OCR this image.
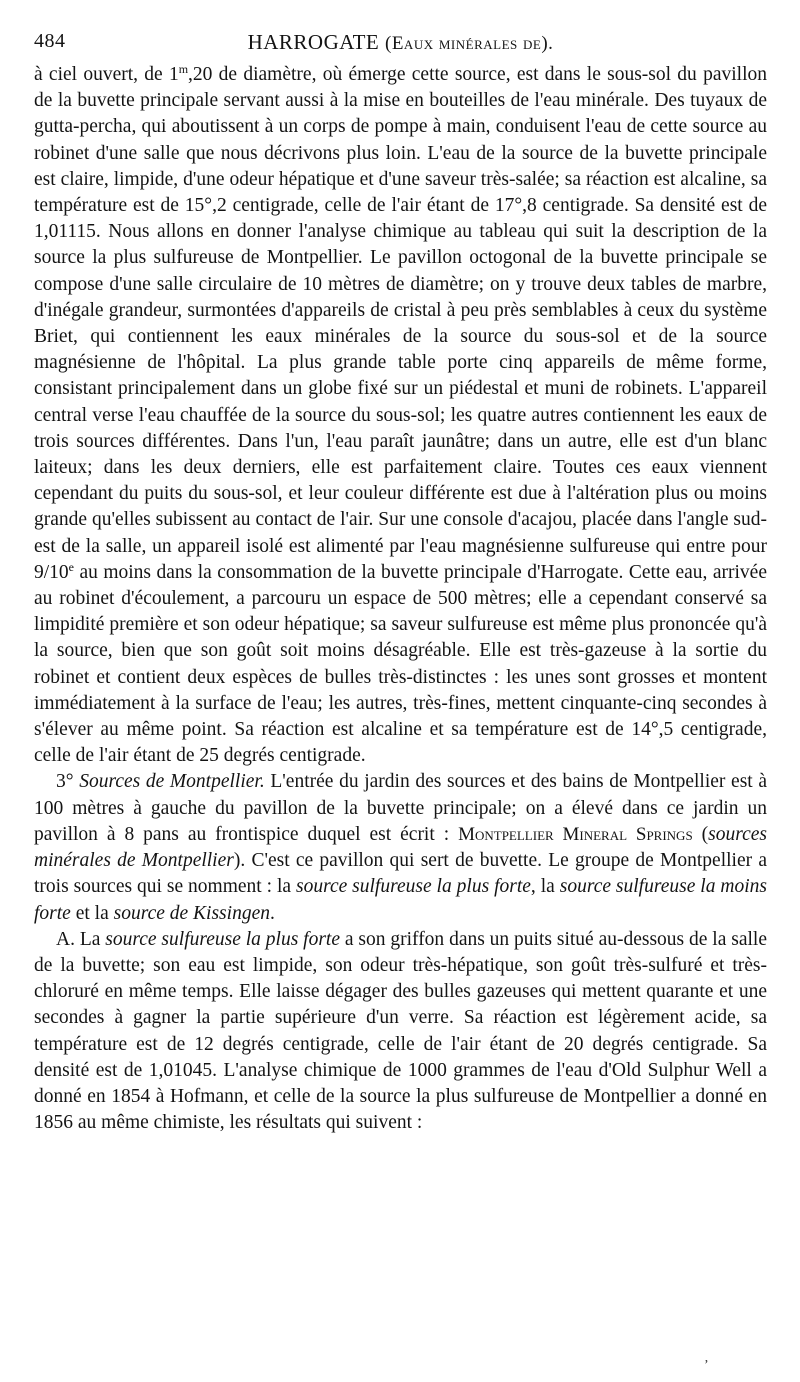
484	HARROGATE (Eaux minérales de).

à ciel ouvert, de 1$^m$,20 de diamètre, où émerge cette source, est dans le sous-sol du pavillon de la buvette principale servant aussi à la mise en bouteilles de l'eau minérale. Des tuyaux de gutta-percha, qui aboutissent à un corps de pompe à main, conduisent l'eau de cette source au robinet d'une salle que nous décrivons plus loin. L'eau de la source de la buvette principale est claire, limpide, d'une odeur hépatique et d'une saveur très-salée; sa réaction est alcaline, sa température est de 15°,2 centigrade, celle de l'air étant de 17°,8 centigrade. Sa densité est de 1,01115. Nous allons en donner l'analyse chimique au tableau qui suit la description de la source la plus sulfureuse de Montpellier. Le pavillon octogonal de la buvette principale se compose d'une salle circulaire de 10 mètres de diamètre; on y trouve deux tables de marbre, d'inégale grandeur, surmontées d'appareils de cristal à peu près semblables à ceux du système Briet, qui contiennent les eaux minérales de la source du sous-sol et de la source magnésienne de l'hôpital. La plus grande table porte cinq appareils de même forme, consistant principalement dans un globe fixé sur un piédestal et muni de robinets. L'appareil central verse l'eau chauffée de la source du sous-sol; les quatre autres contiennent les eaux de trois sources différentes. Dans l'un, l'eau paraît jaunâtre; dans un autre, elle est d'un blanc laiteux; dans les deux derniers, elle est parfaitement claire. Toutes ces eaux viennent cependant du puits du sous-sol, et leur couleur différente est due à l'altération plus ou moins grande qu'elles subissent au contact de l'air. Sur une console d'acajou, placée dans l'angle sud-est de la salle, un appareil isolé est alimenté par l'eau magnésienne sulfureuse qui entre pour 9/10e au moins dans la consommation de la buvette principale d'Harrogate. Cette eau, arrivée au robinet d'écoulement, a parcouru un espace de 500 mètres; elle a cependant conservé sa limpidité première et son odeur hépatique; sa saveur sulfureuse est même plus prononcée qu'à la source, bien que son goût soit moins désagréable. Elle est très-gazeuse à la sortie du robinet et contient deux espèces de bulles très-distinctes : les unes sont grosses et montent immédiatement à la surface de l'eau; les autres, très-fines, mettent cinquante-cinq secondes à s'élever au même point. Sa réaction est alcaline et sa température est de 14°,5 centigrade, celle de l'air étant de 25 degrés centigrade.

3° Sources de Montpellier. L'entrée du jardin des sources et des bains de Montpellier est à 100 mètres à gauche du pavillon de la buvette principale; on a élevé dans ce jardin un pavillon à 8 pans au frontispice duquel est écrit : Montpellier Mineral Springs (sources minérales de Montpellier). C'est ce pavillon qui sert de buvette. Le groupe de Montpellier a trois sources qui se nomment : la source sulfureuse la plus forte, la source sulfureuse la moins forte et la source de Kissingen.

A. La source sulfureuse la plus forte a son griffon dans un puits situé au-dessous de la salle de la buvette; son eau est limpide, son odeur très-hépatique, son goût très-sulfuré et très-chloruré en même temps. Elle laisse dégager des bulles gazeuses qui mettent quarante et une secondes à gagner la partie supérieure d'un verre. Sa réaction est légèrement acide, sa température est de 12 degrés centigrade, celle de l'air étant de 20 degrés centigrade. Sa densité est de 1,01045. L'analyse chimique de 1000 grammes de l'eau d'Old Sulphur Well a donné en 1854 à Hofmann, et celle de la source la plus sulfureuse de Montpellier a donné en 1856 au même chimiste, les résultats qui suivent :

’
